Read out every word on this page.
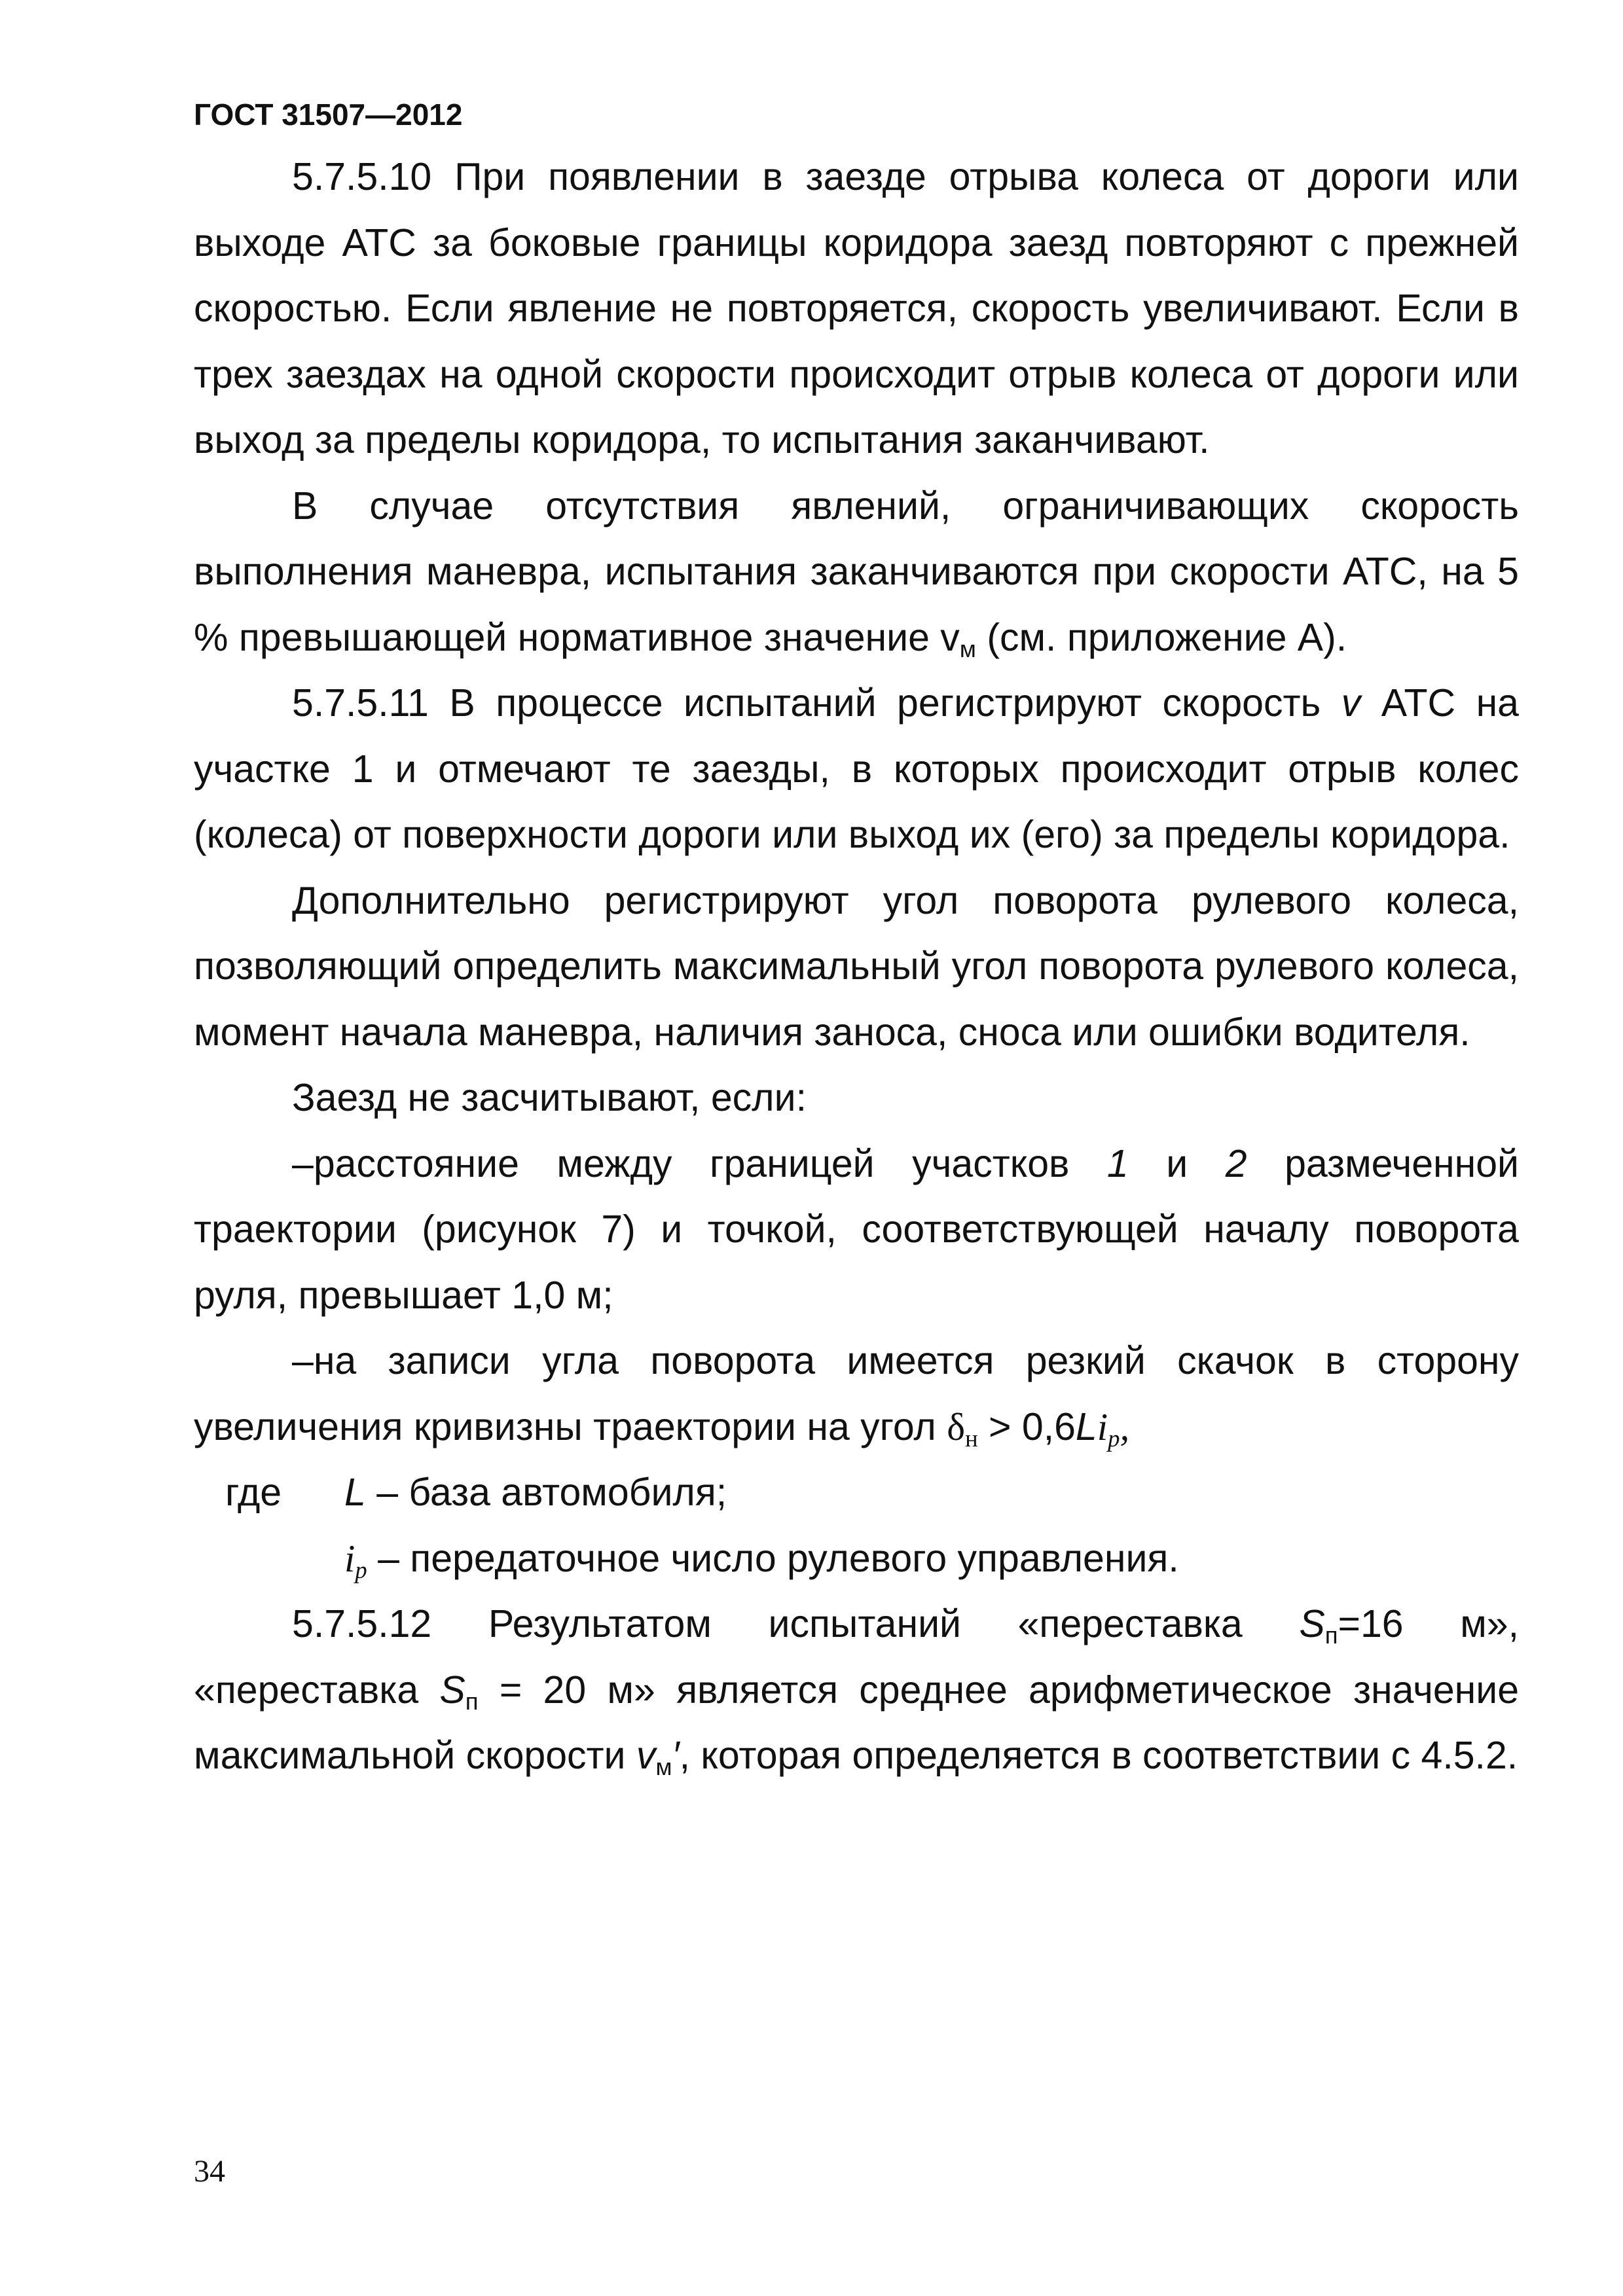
ГОСТ 31507—2012

5.7.5.10 При появлении в заезде отрыва колеса от дороги или выходе АТС за боковые границы коридора заезд повторяют с прежней скоростью. Если явление не повторяется, скорость увеличивают. Если в трех заездах на одной скорости происходит отрыв колеса от дороги или выход за пределы коридора, то испытания заканчивают.

В случае отсутствия явлений, ограничивающих скорость выполнения маневра, испытания заканчиваются при скорости АТС, на 5 % превышающей нормативное значение $v_м$ (см. приложение А).

5.7.5.11 В процессе испытаний регистрируют скорость v АТС на участке 1 и отмечают те заезды, в которых происходит отрыв колес (колеса) от поверхности дороги или выход их (его) за пределы коридора.

Дополнительно регистрируют угол поворота рулевого колеса, позволяющий определить максимальный угол поворота рулевого колеса, момент начала маневра, наличия заноса, сноса или ошибки водителя.

Заезд не засчитывают, если:

–расстояние между границей участков 1 и 2 размеченной траектории (рисунок 7) и точкой, соответствующей началу поворота руля, превышает 1,0 м;

–на записи угла поворота имеется резкий скачок в сторону увеличения кривизны траектории на угол $\delta_н > 0,6Li_p$,

где L – база автомобиля;
$i_p$ – передаточное число рулевого управления.

5.7.5.12 Результатом испытаний «переставка $S_п=16$ м», «переставка $S_п = 20$ м» является среднее арифметическое значение максимальной скорости $v_м'$, которая определяется в соответствии с 4.5.2.

34
